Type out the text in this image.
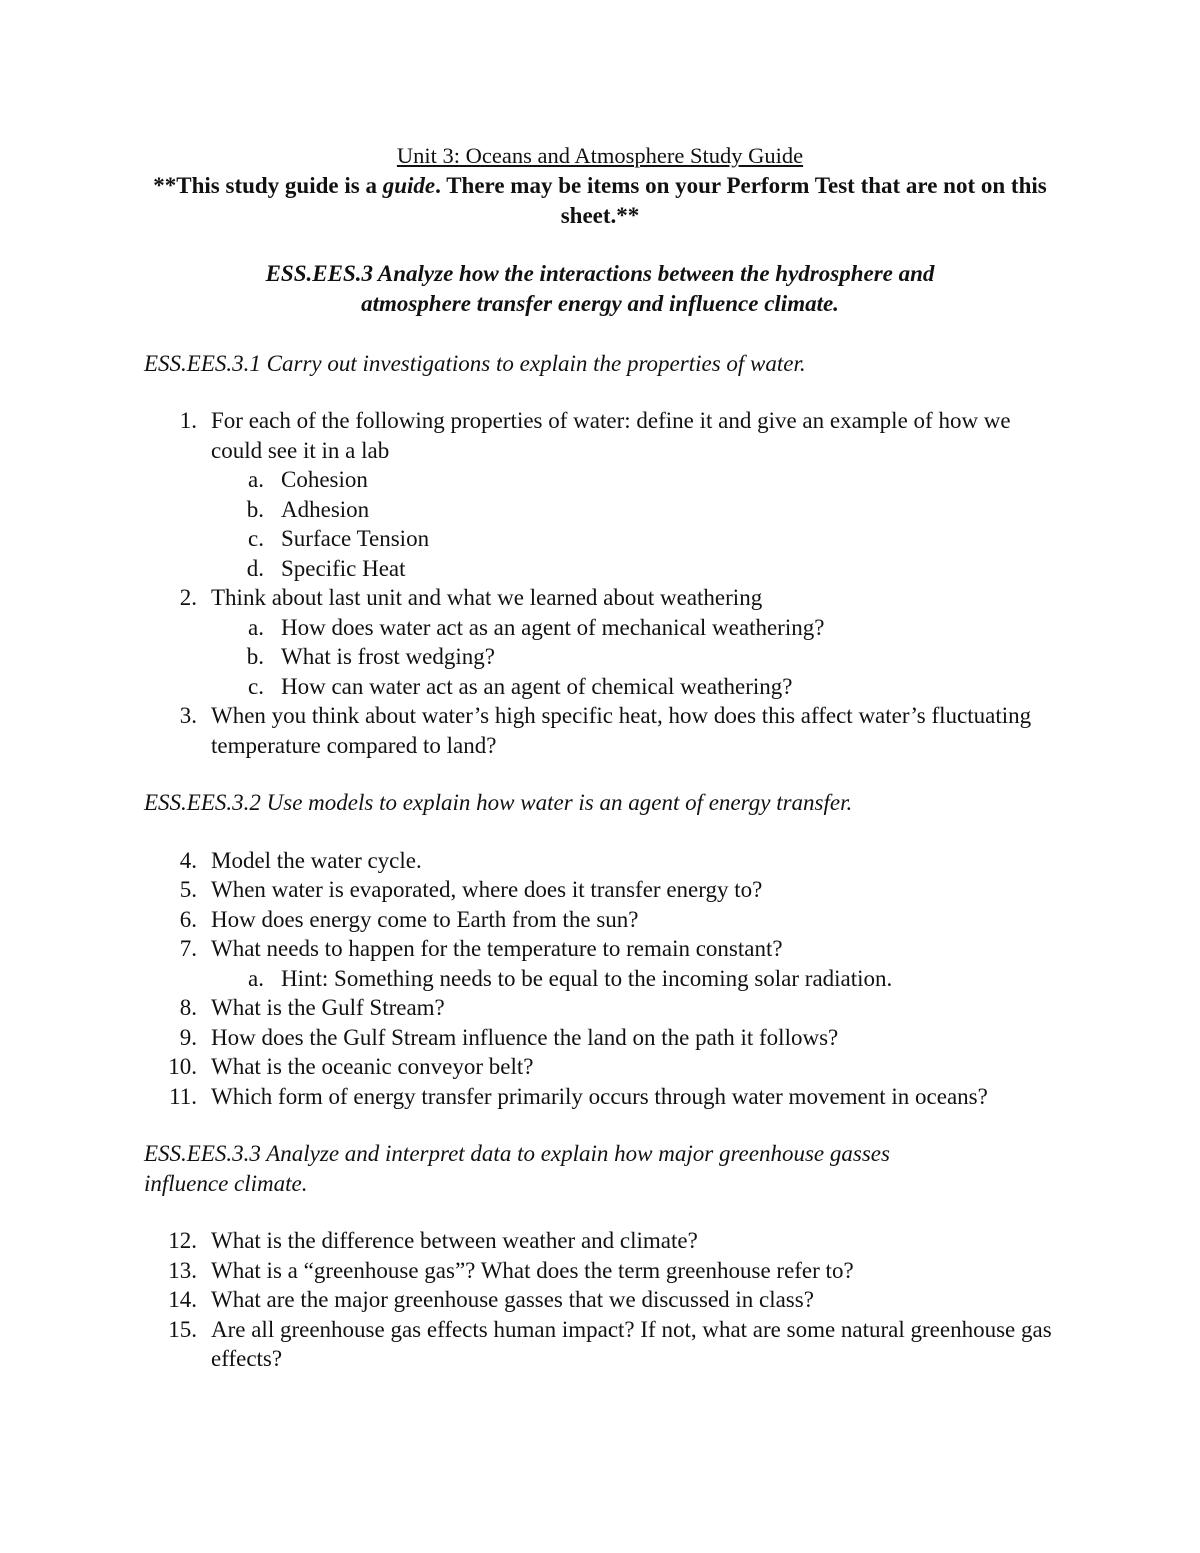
Unit 3: Oceans and Atmosphere Study Guide
**This study guide is a guide. There may be items on your Perform Test that are not on this sheet.**
ESS.EES.3 Analyze how the interactions between the hydrosphere and atmosphere transfer energy and influence climate.
ESS.EES.3.1 Carry out investigations to explain the properties of water.
1. For each of the following properties of water: define it and give an example of how we could see it in a lab
a. Cohesion
b. Adhesion
c. Surface Tension
d. Specific Heat
2. Think about last unit and what we learned about weathering
a. How does water act as an agent of mechanical weathering?
b. What is frost wedging?
c. How can water act as an agent of chemical weathering?
3. When you think about water’s high specific heat, how does this affect water’s fluctuating temperature compared to land?
ESS.EES.3.2 Use models to explain how water is an agent of energy transfer.
4. Model the water cycle.
5. When water is evaporated, where does it transfer energy to?
6. How does energy come to Earth from the sun?
7. What needs to happen for the temperature to remain constant?
a. Hint: Something needs to be equal to the incoming solar radiation.
8. What is the Gulf Stream?
9. How does the Gulf Stream influence the land on the path it follows?
10. What is the oceanic conveyor belt?
11. Which form of energy transfer primarily occurs through water movement in oceans?
ESS.EES.3.3 Analyze and interpret data to explain how major greenhouse gasses influence climate.
12. What is the difference between weather and climate?
13. What is a “greenhouse gas”? What does the term greenhouse refer to?
14. What are the major greenhouse gasses that we discussed in class?
15. Are all greenhouse gas effects human impact? If not, what are some natural greenhouse gas effects?
